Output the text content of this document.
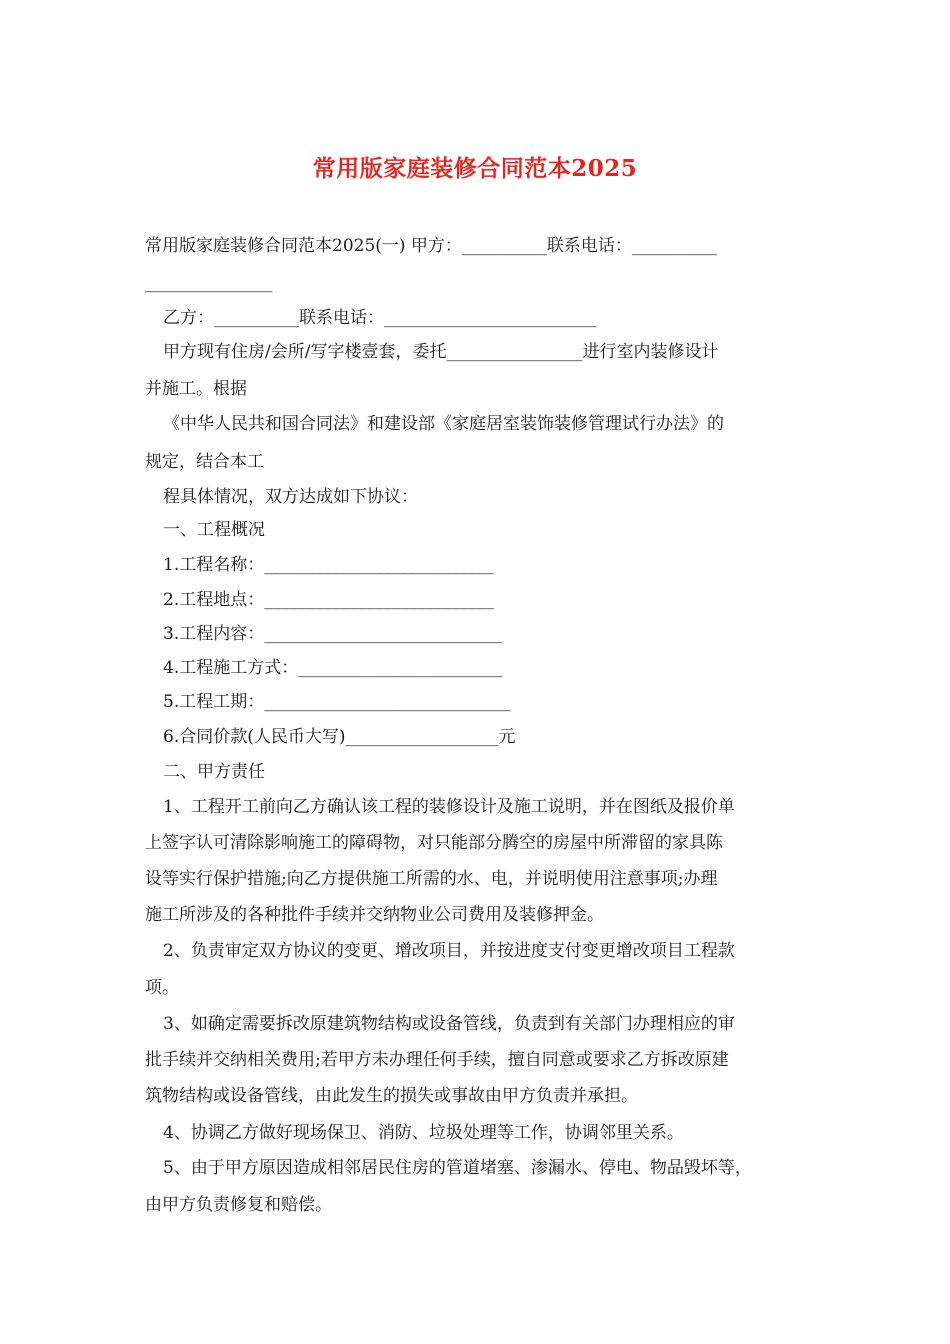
常用版家庭装修合同范本2025
常用版家庭装修合同范本2025(一) 甲方：__________联系电话：__________
_______________
乙方：__________联系电话：_________________________
甲方现有住房/会所/写字楼壹套，委托________________进行室内装修设计
并施工。根据
《中华人民共和国合同法》和建设部《家庭居室装饰装修管理试行办法》的
规定，结合本工
程具体情况，双方达成如下协议：
一、工程概况
1.工程名称：___________________________
2.工程地点：___________________________
3.工程内容：____________________________
4.工程施工方式：________________________
5.工程工期：_____________________________
6.合同价款(人民币大写)__________________元
二、甲方责任
1、工程开工前向乙方确认该工程的装修设计及施工说明，并在图纸及报价单
上签字认可清除影响施工的障碍物，对只能部分腾空的房屋中所滞留的家具陈
设等实行保护措施;向乙方提供施工所需的水、电，并说明使用注意事项;办理
施工所涉及的各种批件手续并交纳物业公司费用及装修押金。
2、负责审定双方协议的变更、增改项目，并按进度支付变更增改项目工程款
项。
3、如确定需要拆改原建筑物结构或设备管线，负责到有关部门办理相应的审
批手续并交纳相关费用;若甲方未办理任何手续，擅自同意或要求乙方拆改原建
筑物结构或设备管线，由此发生的损失或事故由甲方负责并承担。
4、协调乙方做好现场保卫、消防、垃圾处理等工作，协调邻里关系。
5、由于甲方原因造成相邻居民住房的管道堵塞、渗漏水、停电、物品毁坏等，
由甲方负责修复和赔偿。
